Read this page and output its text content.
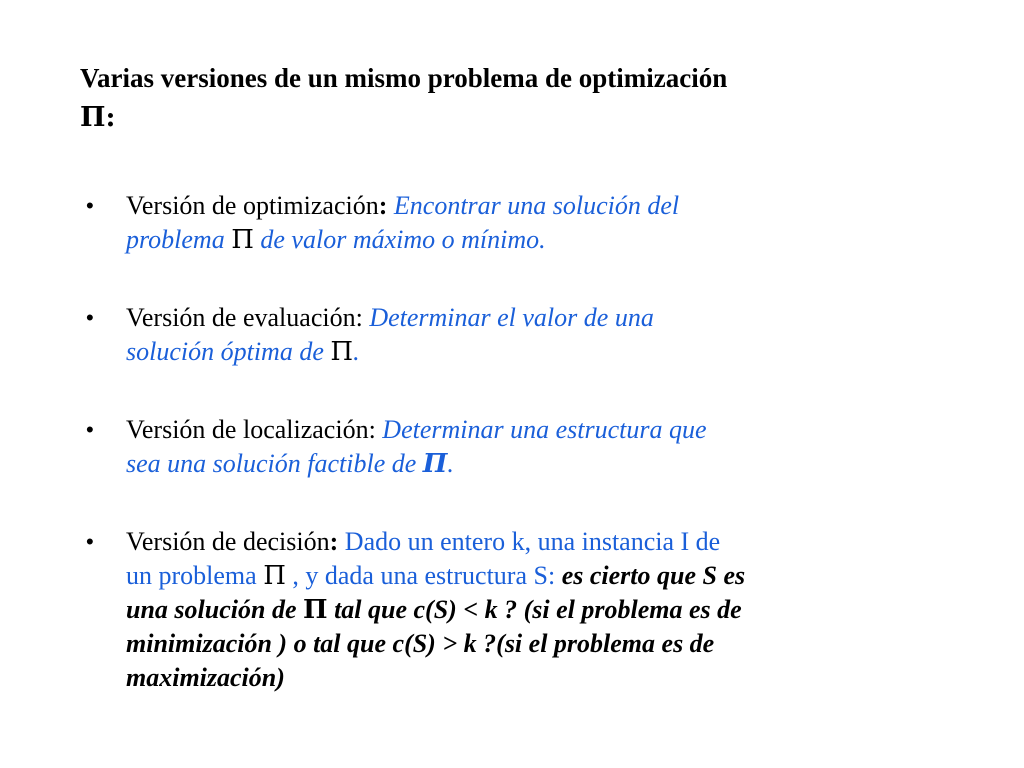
Varias versiones de un mismo problema de optimización
Π:
• Versión de optimización: Encontrar una solución del
problema Π de valor máximo o mínimo.
• Versión de evaluación: Determinar el valor de una
solución óptima de Π.
• Versión de localización: Determinar una estructura que
sea una solución factible de Π.
• Versión de decisión: Dado un entero k, una instancia I de
un problema Π , y dada una estructura S: es cierto que S es
una solución de Π tal que c(S) < k ? (si el problema es de
minimización ) o tal que c(S) > k ?(si el problema es de
maximización)
